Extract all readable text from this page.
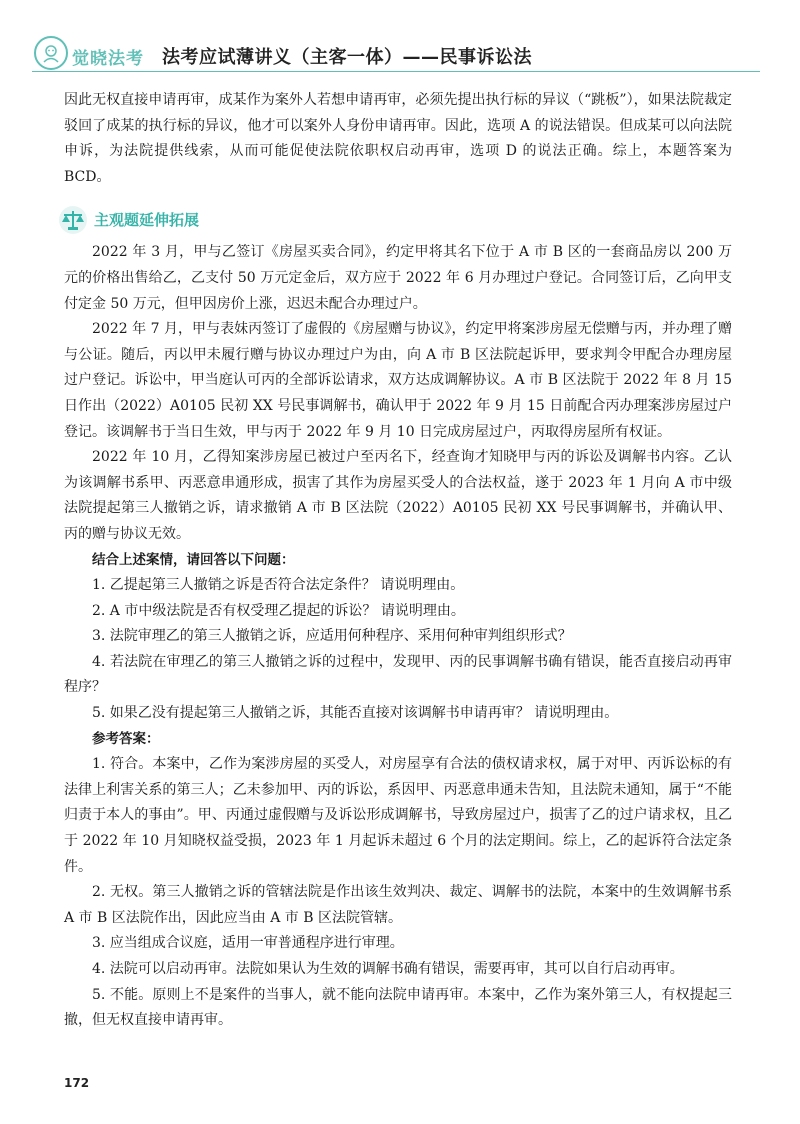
觉晓法考 法考应试薄讲义（主客一体）——民事诉讼法

因此无权直接申请再审，成某作为案外人若想申请再审，必须先提出执行标的异议（“跳板”），如果法院裁定驳回了成某的执行标的异议，他才可以案外人身份申请再审。因此，选项 A 的说法错误。但成某可以向法院申诉，为法院提供线索，从而可能促使法院依职权启动再审，选项 D 的说法正确。综上，本题答案为 BCD。

主观题延伸拓展

2022 年 3 月，甲与乙签订《房屋买卖合同》，约定甲将其名下位于 A 市 B 区的一套商品房以 200 万元的价格出售给乙，乙支付 50 万元定金后，双方应于 2022 年 6 月办理过户登记。合同签订后，乙向甲支付定金 50 万元，但甲因房价上涨，迟迟未配合办理过户。

2022 年 7 月，甲与表妹丙签订了虚假的《房屋赠与协议》，约定甲将案涉房屋无偿赠与丙，并办理了赠与公证。随后，丙以甲未履行赠与协议办理过户为由，向 A 市 B 区法院起诉甲，要求判令甲配合办理房屋过户登记。诉讼中，甲当庭认可丙的全部诉讼请求，双方达成调解协议。A 市 B 区法院于 2022 年 8 月 15 日作出（2022）A0105 民初 XX 号民事调解书，确认甲于 2022 年 9 月 15 日前配合丙办理案涉房屋过户登记。该调解书于当日生效，甲与丙于 2022 年 9 月 10 日完成房屋过户，丙取得房屋所有权证。

2022 年 10 月，乙得知案涉房屋已被过户至丙名下，经查询才知晓甲与丙的诉讼及调解书内容。乙认为该调解书系甲、丙恶意串通形成，损害了其作为房屋买受人的合法权益，遂于 2023 年 1 月向 A 市中级法院提起第三人撤销之诉，请求撤销 A 市 B 区法院（2022）A0105 民初 XX 号民事调解书，并确认甲、丙的赠与协议无效。

结合上述案情，请回答以下问题：

1. 乙提起第三人撤销之诉是否符合法定条件？ 请说明理由。

2. A 市中级法院是否有权受理乙提起的诉讼？ 请说明理由。

3. 法院审理乙的第三人撤销之诉，应适用何种程序、采用何种审判组织形式？

4. 若法院在审理乙的第三人撤销之诉的过程中，发现甲、丙的民事调解书确有错误，能否直接启动再审程序？

5. 如果乙没有提起第三人撤销之诉，其能否直接对该调解书申请再审？ 请说明理由。

参考答案：

1. 符合。本案中，乙作为案涉房屋的买受人，对房屋享有合法的债权请求权，属于对甲、丙诉讼标的有法律上利害关系的第三人；乙未参加甲、丙的诉讼，系因甲、丙恶意串通未告知，且法院未通知，属于“不能归责于本人的事由”。甲、丙通过虚假赠与及诉讼形成调解书，导致房屋过户，损害了乙的过户请求权，且乙于 2022 年 10 月知晓权益受损，2023 年 1 月起诉未超过 6 个月的法定期间。综上，乙的起诉符合法定条件。

2. 无权。第三人撤销之诉的管辖法院是作出该生效判决、裁定、调解书的法院，本案中的生效调解书系 A 市 B 区法院作出，因此应当由 A 市 B 区法院管辖。

3. 应当组成合议庭，适用一审普通程序进行审理。

4. 法院可以启动再审。法院如果认为生效的调解书确有错误，需要再审，其可以自行启动再审。

5. 不能。原则上不是案件的当事人，就不能向法院申请再审。本案中，乙作为案外第三人，有权提起三撤，但无权直接申请再审。

172
